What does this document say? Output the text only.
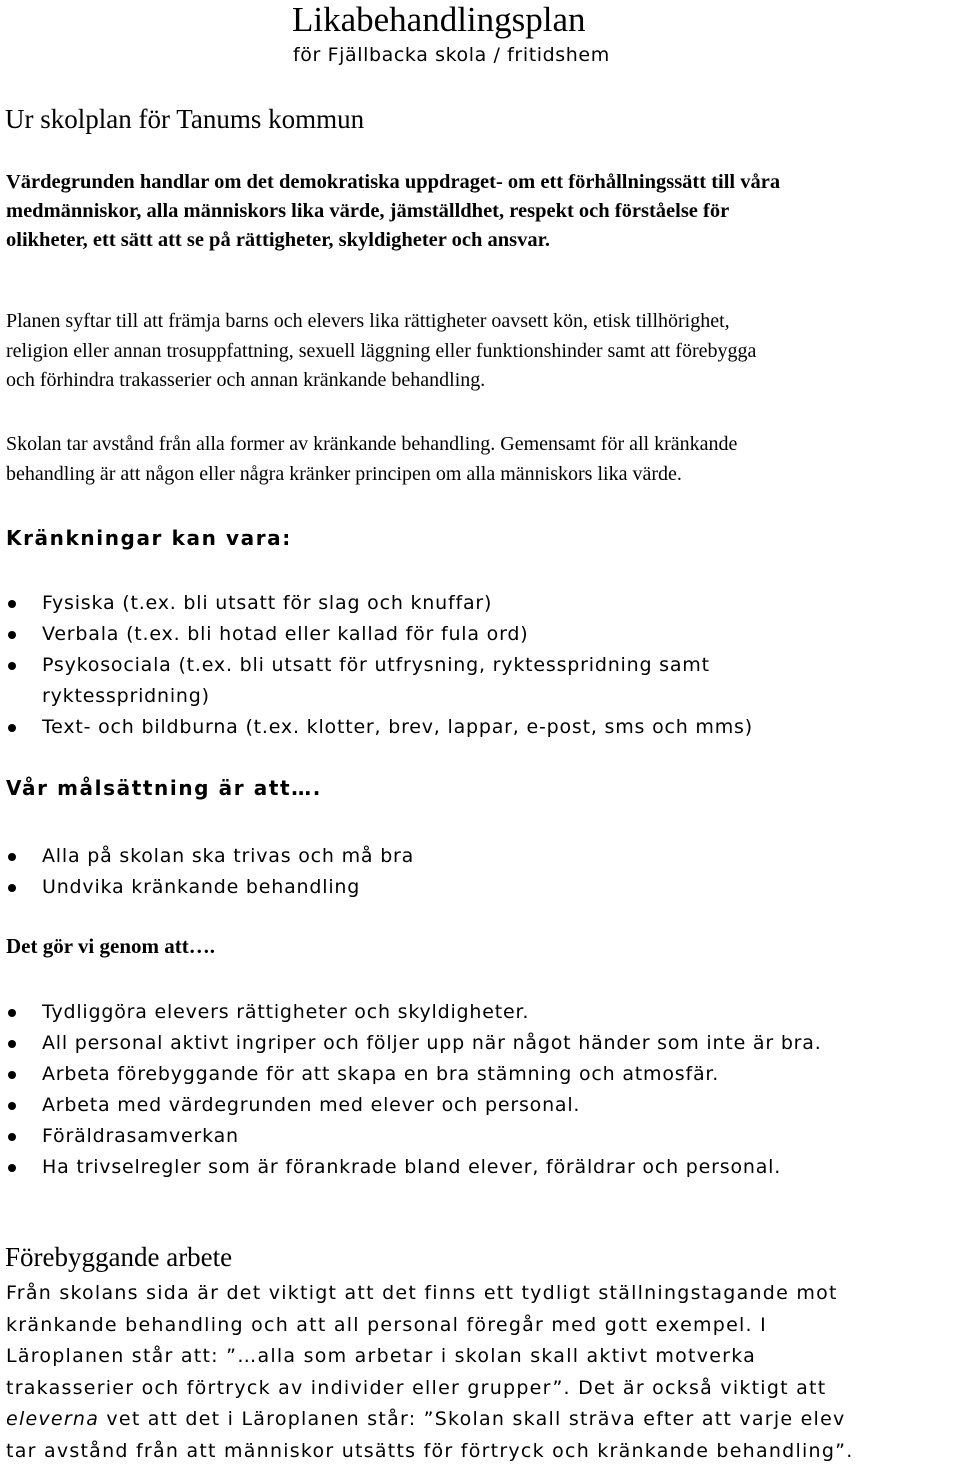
Likabehandlingsplan
för Fjällbacka skola / fritidshem
Ur skolplan för Tanums kommun
Värdegrunden handlar om det demokratiska uppdraget- om ett förhållningssätt till våra
medmänniskor, alla människors lika värde, jämställdhet, respekt och förståelse för
olikheter, ett sätt att se på rättigheter, skyldigheter och ansvar.
Planen syftar till att främja barns och elevers lika rättigheter oavsett kön, etisk tillhörighet,
religion eller annan trosuppfattning, sexuell läggning eller funktionshinder samt att förebygga
och förhindra trakasserier och annan kränkande behandling.
Skolan tar avstånd från alla former av kränkande behandling. Gemensamt för all kränkande
behandling är att någon eller några kränker principen om alla människors lika värde.
Kränkningar kan vara:
Fysiska (t.ex. bli utsatt för slag och knuffar)
Verbala (t.ex. bli hotad eller kallad för fula ord)
Psykosociala (t.ex. bli utsatt för utfrysning, ryktesspridning samt
ryktesspridning)
Text- och bildburna (t.ex. klotter, brev, lappar, e-post, sms och mms)
Vår målsättning är att….
Alla på skolan ska trivas och må bra
Undvika kränkande behandling
Det gör vi genom att….
Tydliggöra elevers rättigheter och skyldigheter.
All personal aktivt ingriper och följer upp när något händer som inte är bra.
Arbeta förebyggande för att skapa en bra stämning och atmosfär.
Arbeta med värdegrunden med elever och personal.
Föräldrasamverkan
Ha trivselregler som är förankrade bland elever, föräldrar och personal.
Förebyggande arbete
Från skolans sida är det viktigt att det finns ett tydligt ställningstagande mot
kränkande behandling och att all personal föregår med gott exempel. I
Läroplanen står att: ”…alla som arbetar i skolan skall aktivt motverka
trakasserier och förtryck av individer eller grupper”. Det är också viktigt att
eleverna vet att det i Läroplanen står: ”Skolan skall sträva efter att varje elev
tar avstånd från att människor utsätts för förtryck och kränkande behandling”.
